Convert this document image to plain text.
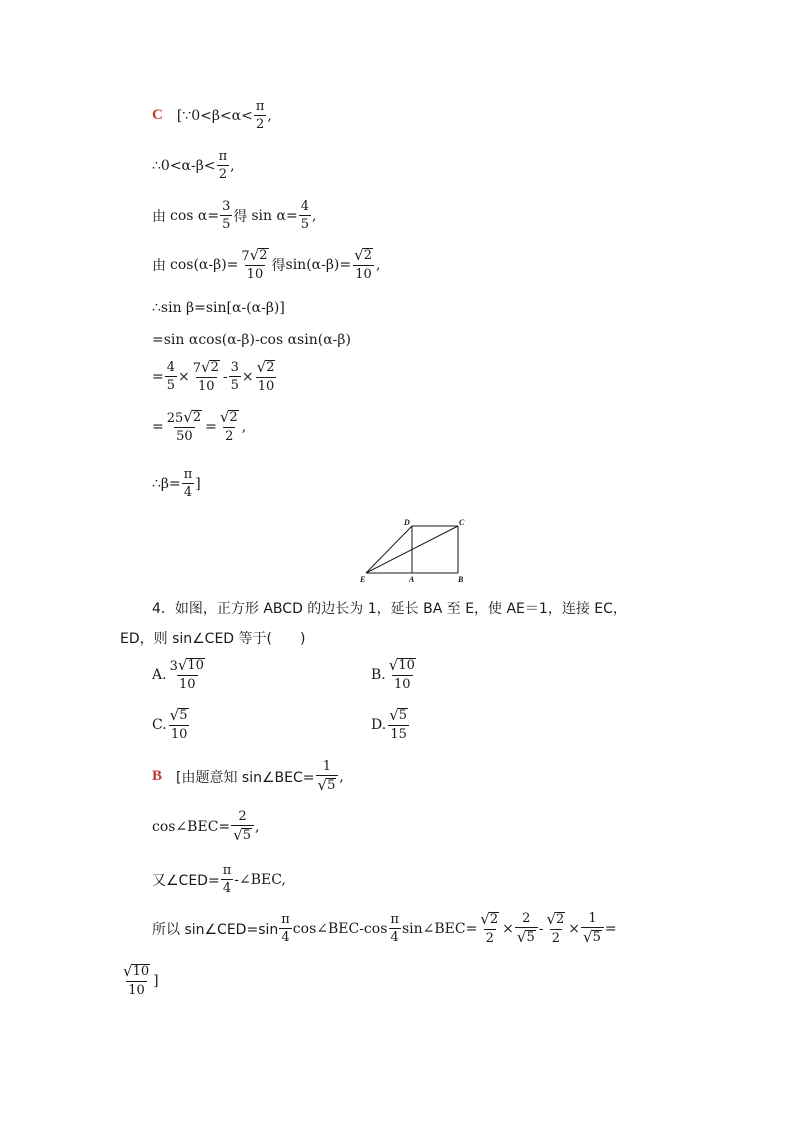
C [∵0<β<α< $\frac{\pi}{2}$ ,
∴0<α-β< $\frac{\pi}{2}$ ,
由 $\cos \alpha= \frac{3}{5}$ 得 $\sin \alpha= \frac{4}{5}$ ,
由 $\cos(\alpha-\beta)= \frac{7 √ 2}{10}$ 得 $\sin(\alpha-\beta)= \frac{√ 2}{10}$ ,
∴sin β=sin[α-(α-β)]
=sin αcos(α-β)-cos αsin(α-β)
= $\frac{4}{5} \times \frac{7 √ 2}{10} - \frac{3}{5} \times \frac{√ 2}{10}$
= $\frac{25 √ 2}{50} = \frac{√ 2}{2}$ ,
∴β= $\frac{\pi}{4}$ ]
D	C
E	A	B
4．如图，正方形 ABCD 的边长为 1，延长 BA 至 E，使 AE＝1，连接 EC，
ED，则 sin∠CED 等于(　　)
A. $\frac{3 √ 10}{10}$	B. $\frac{√ 10}{10}$
C. $\frac{√ 5}{10}$	D. $\frac{√ 5}{15}$
B [由题意知 sin∠BEC= $\frac{1}{√ 5}$ ,
cos∠BEC= $\frac{2}{√ 5}$ ,
又∠CED= $\frac{\pi}{4}$ -∠BEC,
所以 sin∠CED=sin $\frac{\pi}{4}$ cos∠BEC-cos $\frac{\pi}{4}$ sin∠BEC= $\frac{√ 2}{2} \times \frac{2}{√ 5} - \frac{√ 2}{2} \times \frac{1}{√ 5}$ =
$\frac{√ 10}{10}$ ]
